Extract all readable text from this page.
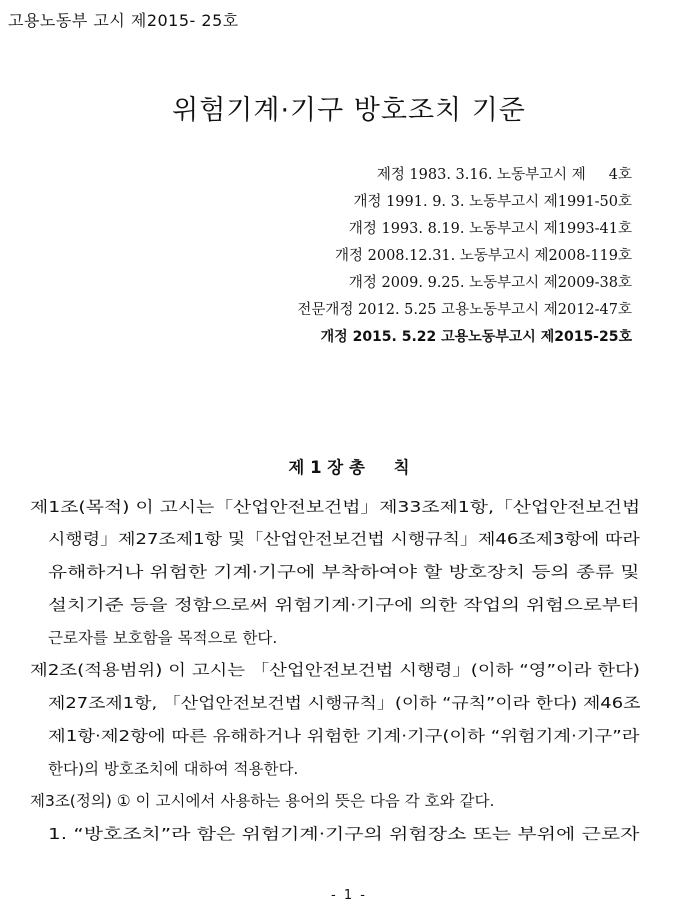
고용노동부 고시 제2015- 25호
위험기계·기구 방호조치 기준
제정 1983. 3.16. 노동부고시 제     4호
개정 1991. 9. 3. 노동부고시 제1991-50호
개정 1993. 8.19. 노동부고시 제1993-41호
개정 2008.12.31. 노동부고시 제2008-119호
개정 2009. 9.25. 노동부고시 제2009-38호
전문개정 2012. 5.25 고용노동부고시 제2012-47호
개정 2015. 5.22 고용노동부고시 제2015-25호
제 1 장 총     칙
제1조(목적) 이 고시는「산업안전보건법」제33조제1항,「산업안전보건법
시행령」제27조제1항 및「산업안전보건법 시행규칙」제46조제3항에 따라
유해하거나 위험한 기계·기구에 부착하여야 할 방호장치 등의 종류 및
설치기준 등을 정함으로써 위험기계·기구에 의한 작업의 위험으로부터
근로자를 보호함을 목적으로 한다.
제2조(적용범위) 이 고시는 「산업안전보건법 시행령」(이하 “영”이라 한다)
제27조제1항, 「산업안전보건법 시행규칙」(이하 “규칙”이라 한다) 제46조
제1항·제2항에 따른 유해하거나 위험한 기계·기구(이하 “위험기계·기구”라
한다)의 방호조치에 대하여 적용한다.
제3조(정의) ① 이 고시에서 사용하는 용어의 뜻은 다음 각 호와 같다.
1. “방호조치”라 함은 위험기계·기구의 위험장소 또는 부위에 근로자
- 1 -
